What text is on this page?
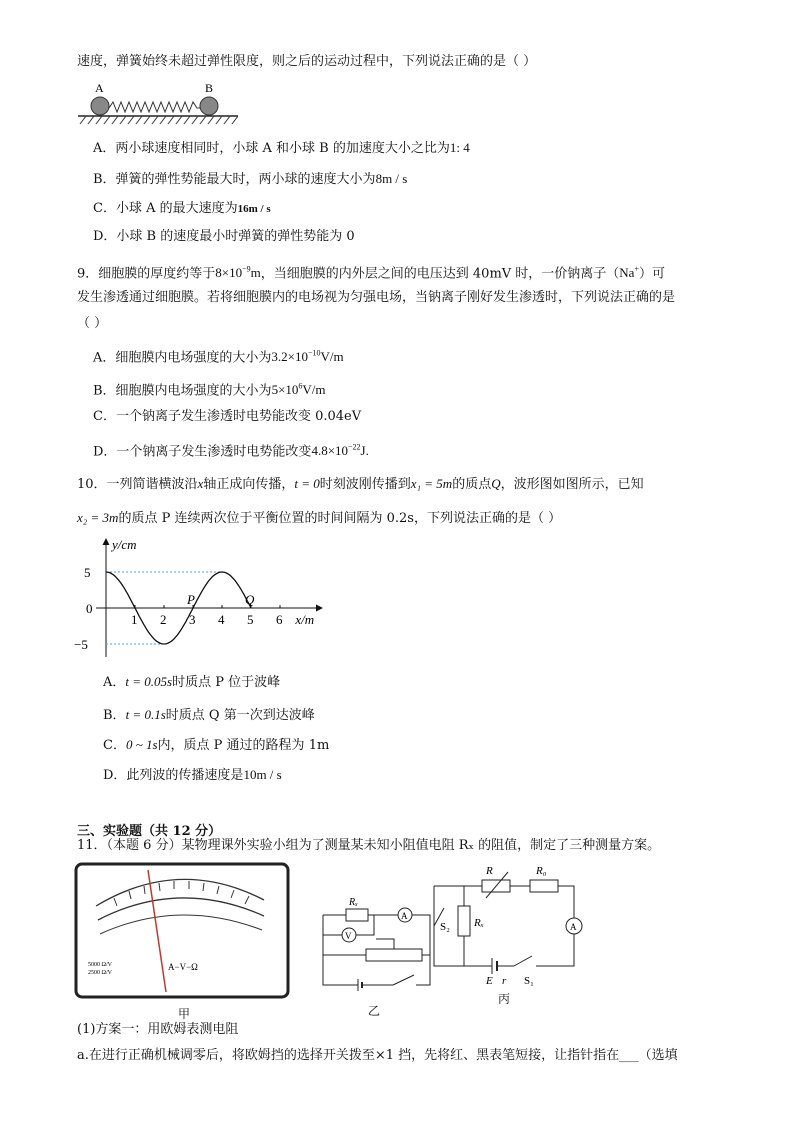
速度，弹簧始终未超过弹性限度，则之后的运动过程中，下列说法正确的是（ ）
A	B
A．两小球速度相同时，小球 A 和小球 B 的加速度大小之比为1: 4
B．弹簧的弹性势能最大时，两小球的速度大小为8m / s
C．小球 A 的最大速度为16m / s
D．小球 B 的速度最小时弹簧的弹性势能为 0
9．细胞膜的厚度约等于$8\times 10^{-9}m$，当细胞膜的内外层之间的电压达到 40mV 时，一价钠离子（Na+）可
发生渗透通过细胞膜。若将细胞膜内的电场视为匀强电场，当钠离子刚好发生渗透时，下列说法正确的是
（ ）
A．细胞膜内电场强度的大小为$3.2\times 10^{-10}V/m$
B．细胞膜内电场强度的大小为$5\times 10^6V/m$
C．一个钠离子发生渗透时电势能改变 0.04eV
D．一个钠离子发生渗透时电势能改变$4.8\times 10^{-22}J$.
10．一列简谐横波沿x轴正成向传播，t = 0时刻波刚传播到x₁ = 5m的质点Q，波形图如图所示，已知
x₂ = 3m的质点 P 连续两次位于平衡位置的时间间隔为 0.2s，下列说法正确的是（ ）
1 2 3 4 5 6
5
0
−5
y/cm
x/m
P	Q
A．t = 0.05s时质点 P 位于波峰
B．t = 0.1s时质点 Q 第一次到达波峰
C．0 ~ 1s内，质点 P 通过的路程为 1m
D．此列波的传播速度是10m / s
三、实验题（共 12 分）
11．（本题 6 分）某物理课外实验小组为了测量某未知小阻值电阻 Rₓ 的阻值，制定了三种测量方案。
A−V−Ω
5000 Ω/V
2500 Ω/V
甲
Rₓ
A
V
乙
R	R₀
A
S₂ Rₓ
E r S₁
丙
(1)方案一：用欧姆表测电阻
a.在进行正确机械调零后，将欧姆挡的选择开关拨至×1 挡，先将红、黑表笔短接，让指针指在___（选填
